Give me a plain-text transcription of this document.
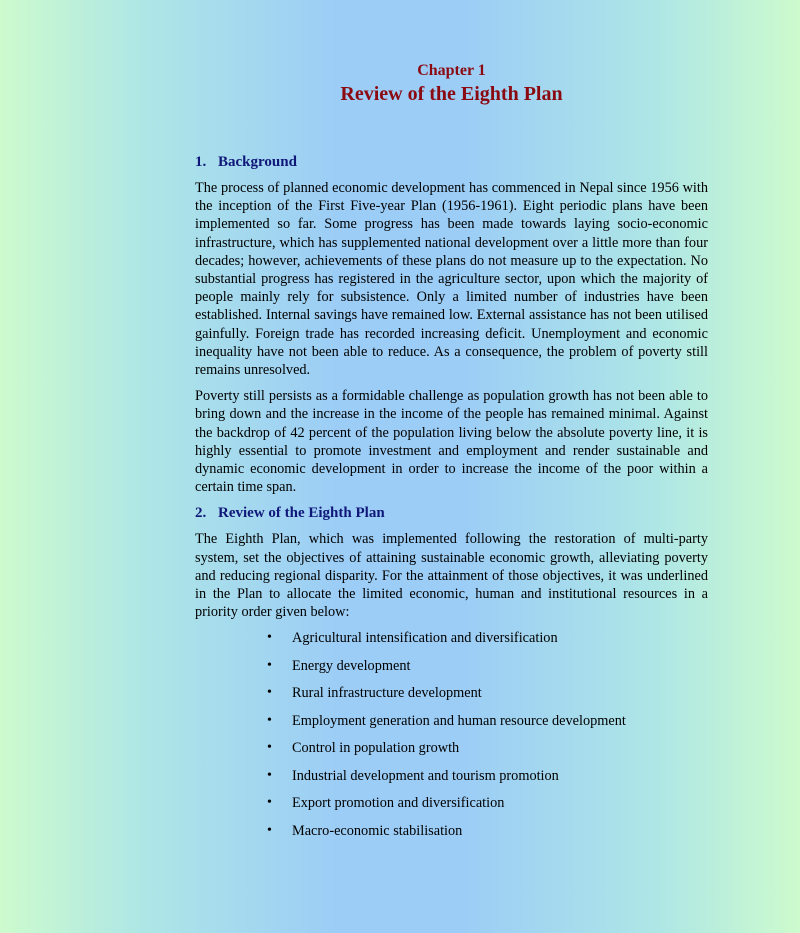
Chapter 1
Review of the Eighth Plan
1. Background

The process of planned economic development has commenced in Nepal since 1956 with the inception of the First Five-year Plan (1956-1961). Eight periodic plans have been implemented so far. Some progress has been made towards laying socio-economic infrastructure, which has supplemented national development over a little more than four decades; however, achievements of these plans do not measure up to the expectation. No substantial progress has registered in the agriculture sector, upon which the majority of people mainly rely for subsistence. Only a limited number of industries have been established. Internal savings have remained low. External assistance has not been utilised gainfully. Foreign trade has recorded increasing deficit. Unemployment and economic inequality have not been able to reduce. As a consequence, the problem of poverty still remains unresolved.

Poverty still persists as a formidable challenge as population growth has not been able to bring down and the increase in the income of the people has remained minimal. Against the backdrop of 42 percent of the population living below the absolute poverty line, it is highly essential to promote investment and employment and render sustainable and dynamic economic development in order to increase the income of the poor within a certain time span.

2. Review of the Eighth Plan

The Eighth Plan, which was implemented following the restoration of multi-party system, set the objectives of attaining sustainable economic growth, alleviating poverty and reducing regional disparity. For the attainment of those objectives, it was underlined in the Plan to allocate the limited economic, human and institutional resources in a priority order given below:

• Agricultural intensification and diversification
• Energy development
• Rural infrastructure development
• Employment generation and human resource development
• Control in population growth
• Industrial development and tourism promotion
• Export promotion and diversification
• Macro-economic stabilisation
